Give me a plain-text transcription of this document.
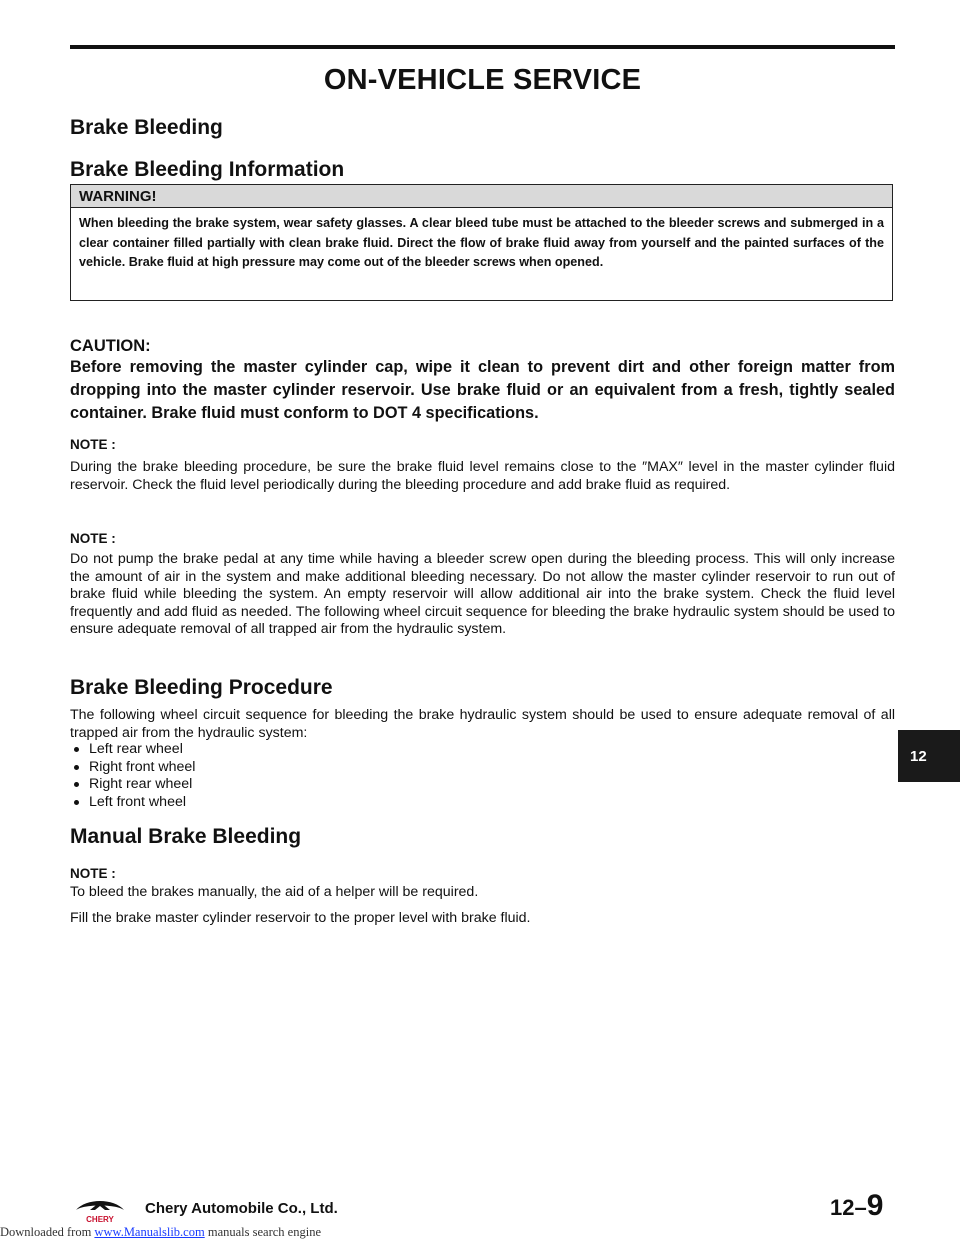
ON-VEHICLE SERVICE
Brake Bleeding
Brake Bleeding Information
WARNING!
When bleeding the brake system, wear safety glasses. A clear bleed tube must be attached to the bleeder screws and submerged in a clear container filled partially with clean brake fluid. Direct the flow of brake fluid away from yourself and the painted surfaces of the vehicle. Brake fluid at high pressure may come out of the bleeder screws when opened.

CAUTION:

Before removing the master cylinder cap, wipe it clean to prevent dirt and other foreign matter from dropping into the master cylinder reservoir. Use brake fluid or an equivalent from a fresh, tightly sealed container. Brake fluid must conform to DOT 4 specifications.

NOTE :

During the brake bleeding procedure, be sure the brake fluid level remains close to the ″MAX″ level in the master cylinder fluid reservoir. Check the fluid level periodically during the bleeding procedure and add brake fluid as required.

NOTE :

Do not pump the brake pedal at any time while having a bleeder screw open during the bleeding process. This will only increase the amount of air in the system and make additional bleeding necessary. Do not allow the master cylinder reservoir to run out of brake fluid while bleeding the system. An empty reservoir will allow additional air into the brake system. Check the fluid level frequently and add fluid as needed. The following wheel circuit sequence for bleeding the brake hydraulic system should be used to ensure adequate removal of all trapped air from the hydraulic system.

Brake Bleeding Procedure

The following wheel circuit sequence for bleeding the brake hydraulic system should be used to ensure adequate removal of all trapped air from the hydraulic system:

Left rear wheel
Right front wheel
Right rear wheel
Left front wheel
Manual Brake Bleeding

NOTE :

To bleed the brakes manually, the aid of a helper will be required.

Fill the brake master cylinder reservoir to the proper level with brake fluid.

12
CHERY
Chery Automobile Co., Ltd.	12–9
Downloaded from www.Manualslib.com manuals search engine
